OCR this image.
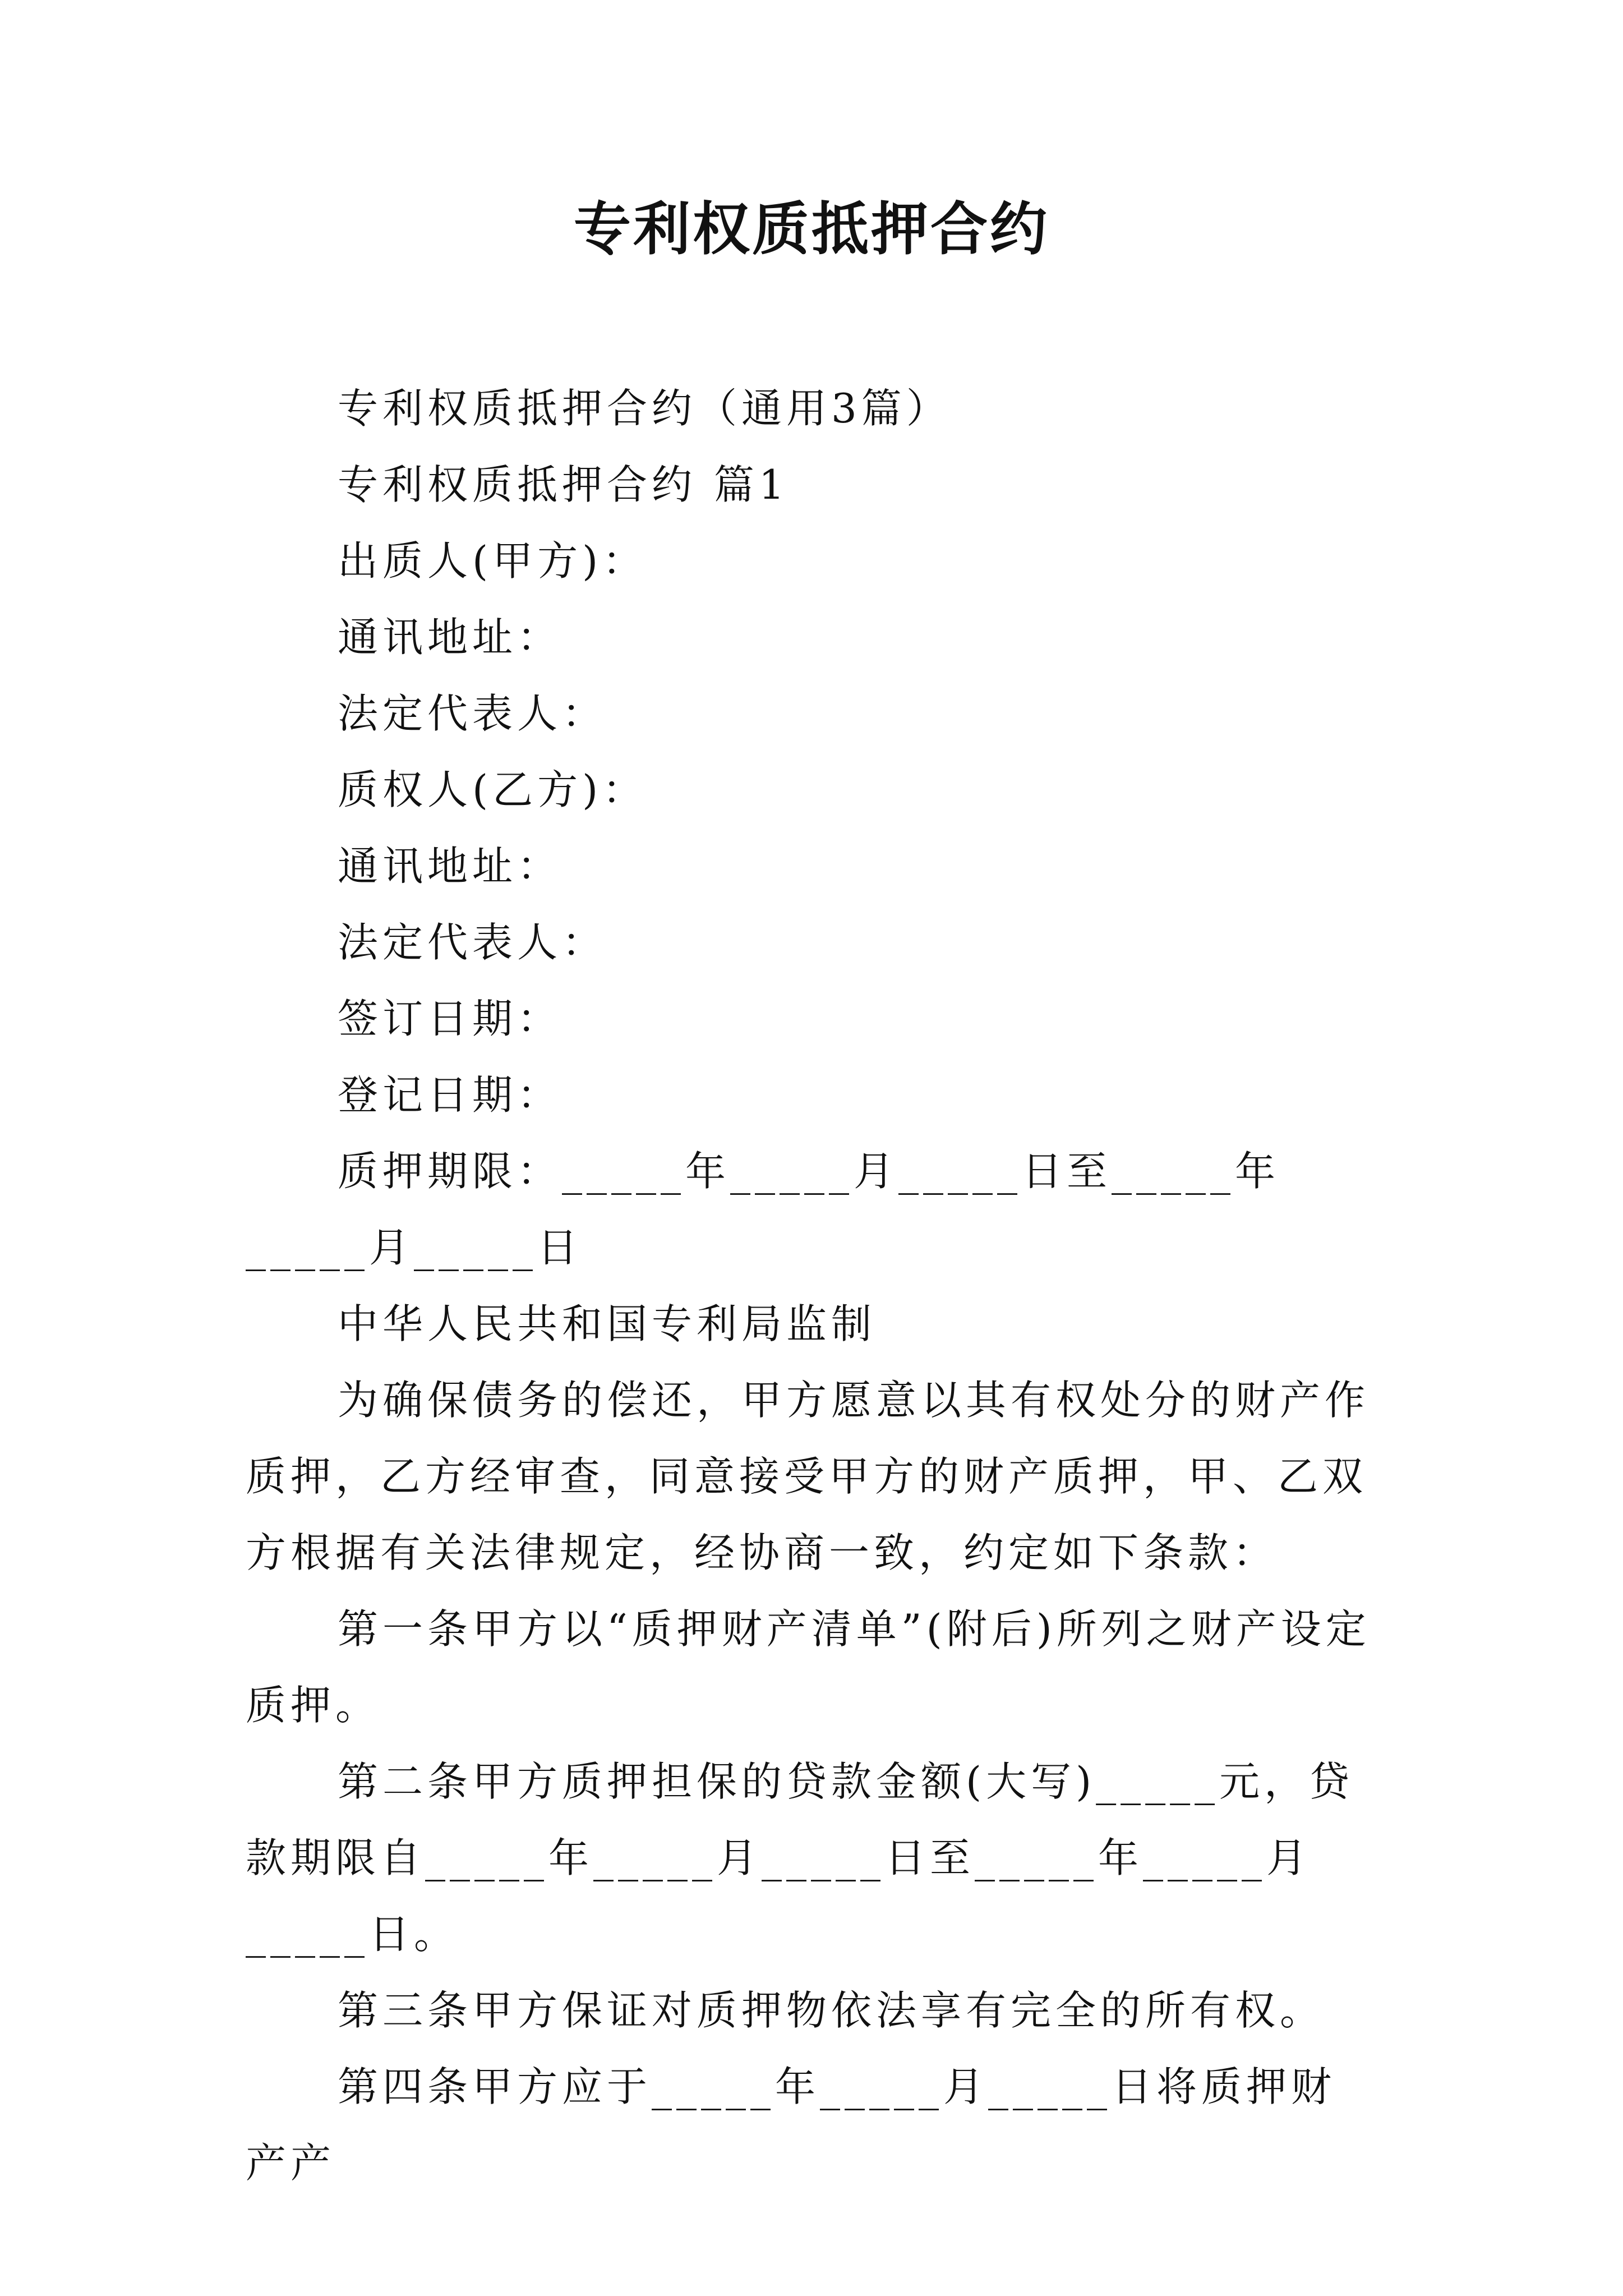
专利权质抵押合约

专利权质抵押合约（通用3篇）

专利权质抵押合约 篇1

出质人(甲方)：

通讯地址：

法定代表人：

质权人(乙方)：

通讯地址：

法定代表人：

签订日期：

登记日期：

质押期限：_____年_____月_____日至_____年_____月_____日

中华人民共和国专利局监制

为确保债务的偿还，甲方愿意以其有权处分的财产作质押，乙方经审查，同意接受甲方的财产质押，甲、乙双方根据有关法律规定，经协商一致，约定如下条款：

第一条甲方以“质押财产清单”(附后)所列之财产设定质押。

第二条甲方质押担保的贷款金额(大写)_____元，贷款期限自_____年_____月_____日至_____年_____月_____日。

第三条甲方保证对质押物依法享有完全的所有权。

第四条甲方应于_____年_____月_____日将质押财产产
